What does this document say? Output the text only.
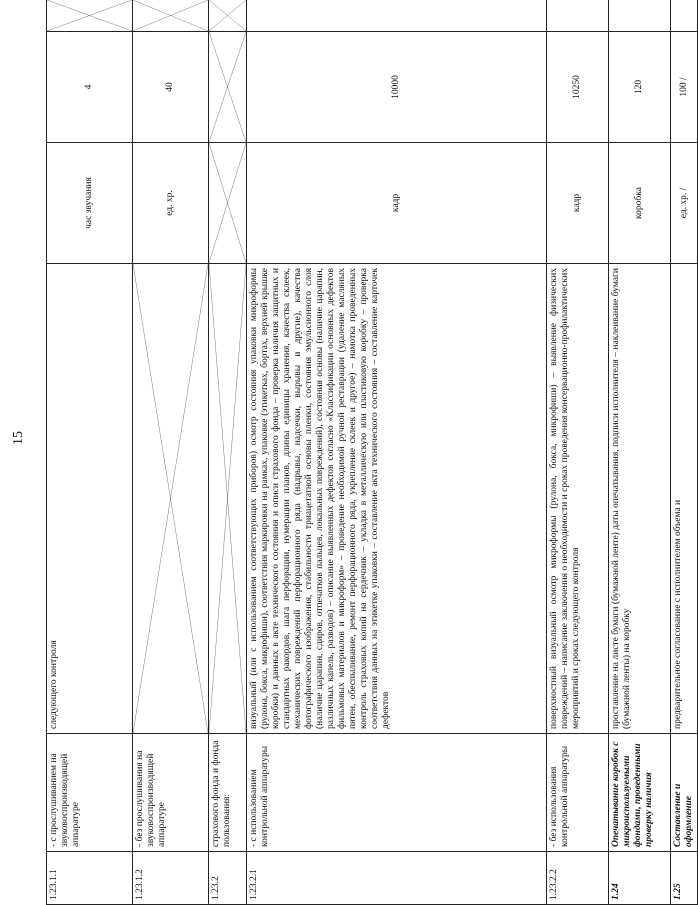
15
1.23.1.1	- с прослушиванием на звуковоспроизводящей аппаратуре	следующего контроля	час звучания	4	

1.23.1.2	- без прослушивания на звуковоспроизводящей аппаратуре		ед. хр.	40	

1.23.2	страхового фонда и фонда пользования:	

1.23.2.1	- с использованием контрольной аппаратуры	визуальный (или с использованием соответствующих приборов) осмотр состояния упаковки микроформы (рулона, бокса, микрофиши), соответствия маркировки на рамках, упаковке (этикетках, бортах, верхней крышке коробки) и данных в акте технического состояния и описи страхового фонда – проверка наличия защитных и стандартных ракордов, шага перфорации, нумерации планов, длины единицы хранения, качества склеек, механических повреждений перфорационного ряда (надрывы, надсечки, вырывы и другие), качества фотографического изображения, стабильности триацетатной основы пленки, состояния эмульсионного слоя (наличие царапин, сдиров, отпечатков пальцев, локальных повреждений), состояния основы (наличие царапин, различных капель, разводов) – описание выявленных дефектов согласно «Классификации основных дефектов фильмовых материалов и микроформ» – проведение необходимой ручной реставрации (удаление масляных пятен, обеспыливание, ремонт перфорационного ряда, укрепление склеек и другое) – намотка проведенных контроль страховых копий на сердечник – укладка в металлическую или пластиковую коробку – проверка соответствия данных на этикетке упаковки – составление акта технического состояния – составление карточек дефектов	кадр	10000	
1.23.2.2	- без использования контрольной аппаратуры	поверхностный визуальный осмотр микроформы (рулона, бокса, микрофиши) – выявление физических повреждений – написание заключения о необходимости и сроках проведения консервационно-профилактических мероприятий и сроках следующего контроля	кадр	10250	
1.24	Опечатывание коробок с микроиспользуемыми фондами, проведенными проверку наличия	проставление на листе бумаги (бумажной ленте) даты опечатывания, подписи исполнителя – наклеивание бумаги (бумажной ленты) на коробку	коробка	120	
1.25	Составление и оформление	предварительное согласование с исполнителем объема и	ед. хр. /	100 /	
